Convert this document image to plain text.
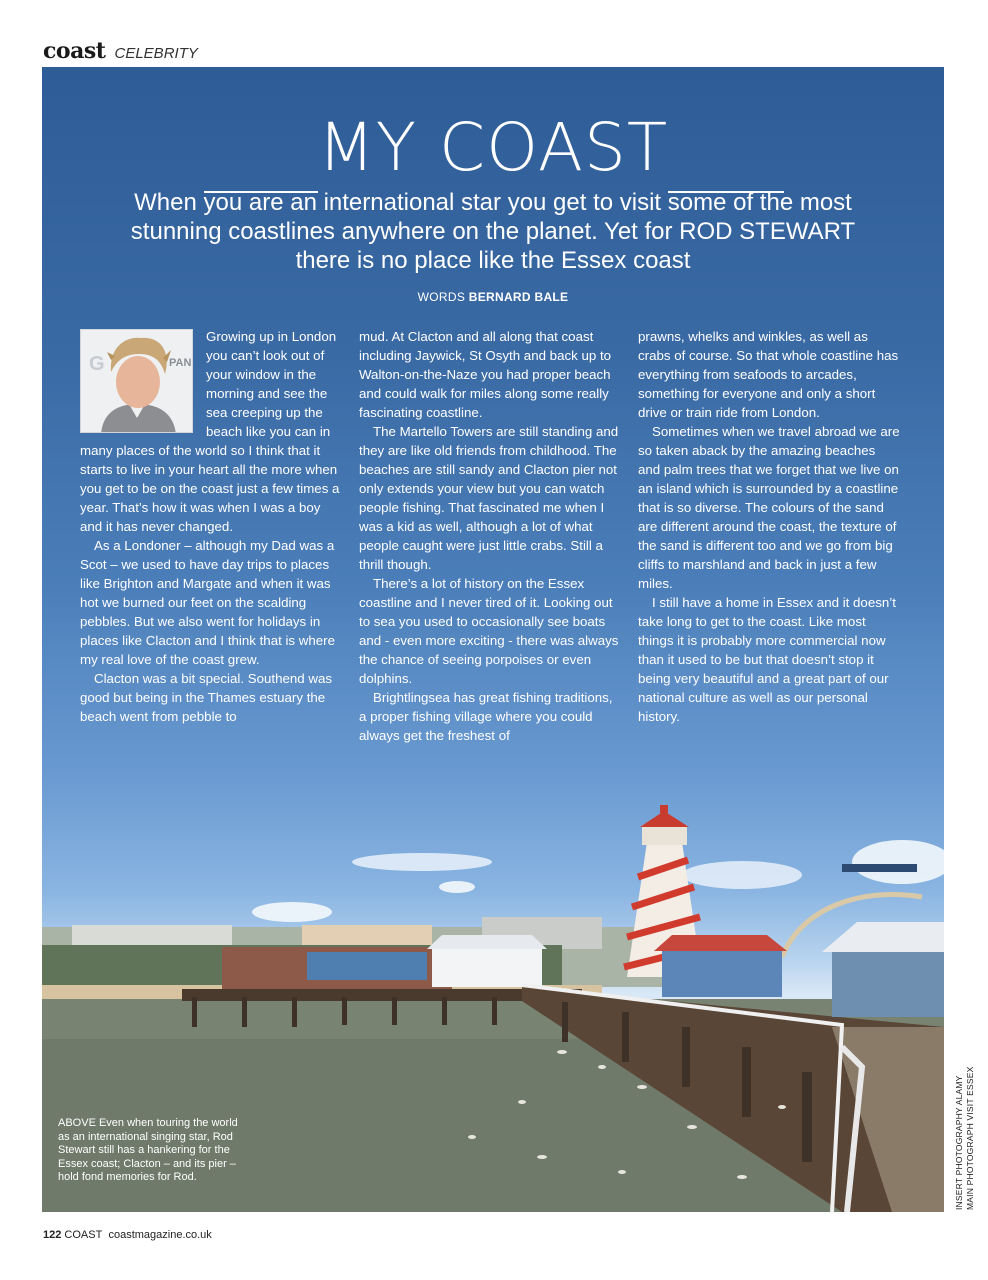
coast CELEBRITY
MY COAST
When you are an international star you get to visit some of the most stunning coastlines anywhere on the planet. Yet for ROD STEWART there is no place like the Essex coast
WORDS BERNARD BALE
G	PAN

Growing up in London you can’t look out of your window in the morning and see the sea creeping up the beach like you can in many places of the world so I think that it starts to live in your heart all the more when you get to be on the coast just a few times a year. That’s how it was when I was a boy and it has never changed.

As a Londoner – although my Dad was a Scot – we used to have day trips to places like Brighton and Margate and when it was hot we burned our feet on the scalding pebbles. But we also went for holidays in places like Clacton and I think that is where my real love of the coast grew.

Clacton was a bit special. Southend was good but being in the Thames estuary the beach went from pebble to

mud. At Clacton and all along that coast including Jaywick, St Osyth and back up to Walton-on-the-Naze you had proper beach and could walk for miles along some really fascinating coastline.

The Martello Towers are still standing and they are like old friends from childhood. The beaches are still sandy and Clacton pier not only extends your view but you can watch people fishing. That fascinated me when I was a kid as well, although a lot of what people caught were just little crabs. Still a thrill though.

There’s a lot of history on the Essex coastline and I never tired of it. Looking out to sea you used to occasionally see boats and - even more exciting - there was always the chance of seeing porpoises or even dolphins.

Brightlingsea has great fishing traditions, a proper fishing village where you could always get the freshest of

prawns, whelks and winkles, as well as crabs of course. So that whole coastline has everything from seafoods to arcades, something for everyone and only a short drive or train ride from London.

Sometimes when we travel abroad we are so taken aback by the amazing beaches and palm trees that we forget that we live on an island which is surrounded by a coastline that is so diverse. The colours of the sand are different around the coast, the texture of the sand is different too and we go from big cliffs to marshland and back in just a few miles.

I still have a home in Essex and it doesn’t take long to get to the coast. Like most things it is probably more commercial now than it used to be but that doesn’t stop it being very beautiful and a great part of our national culture as well as our personal history.

ABOVE Even when touring the world as an international singing star, Rod Stewart still has a hankering for the Essex coast; Clacton – and its pier – hold fond memories for Rod.	INSERT PHOTOGRAPHY ALAMY MAIN PHOTOGRAPH VISIT ESSEX
122 COAST coastmagazine.co.uk
